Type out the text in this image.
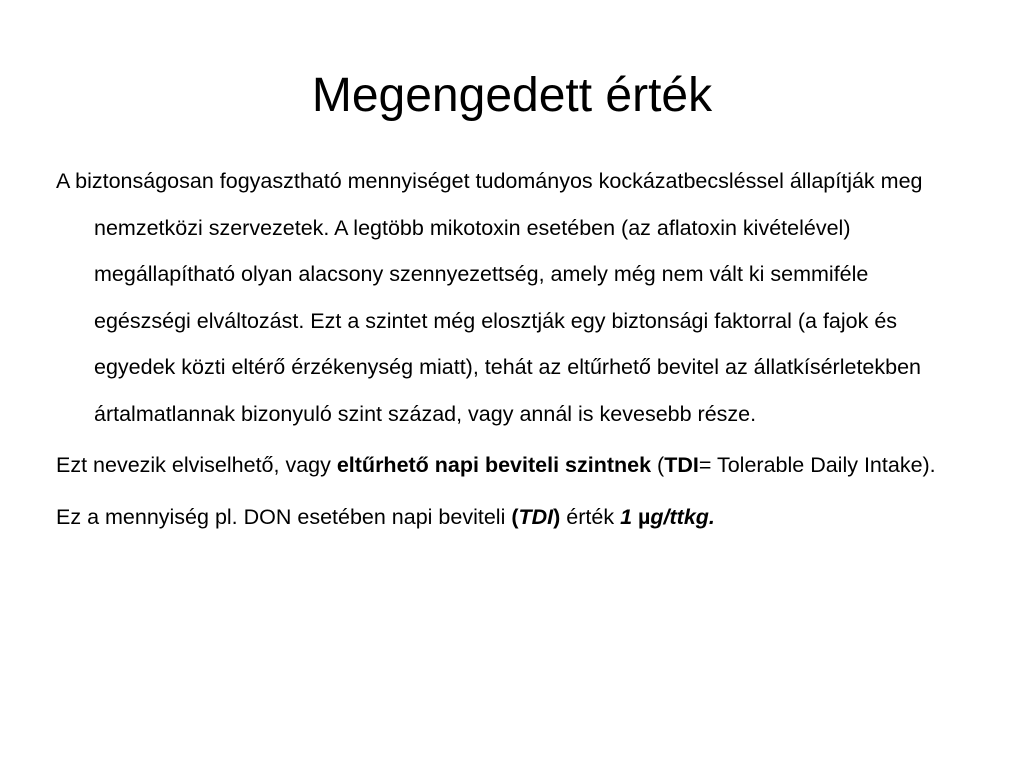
Megengedett érték

A biztonságosan fogyasztható mennyiséget tudományos kockázatbecsléssel állapítják meg nemzetközi szervezetek. A legtöbb mikotoxin esetében (az aflatoxin kivételével) megállapítható olyan alacsony szennyezettség, amely még nem vált ki semmiféle egészségi elváltozást. Ezt a szintet még elosztják egy biztonsági faktorral (a fajok és egyedek közti eltérő érzékenység miatt), tehát az eltűrhető bevitel az állatkísérletekben ártalmatlannak bizonyuló szint század, vagy annál is kevesebb része.

Ezt nevezik elviselhető, vagy eltűrhető napi beviteli szintnek (TDI= Tolerable Daily Intake).

Ez a mennyiség pl. DON esetében napi beviteli (TDI) érték 1 µg/ttkg.
